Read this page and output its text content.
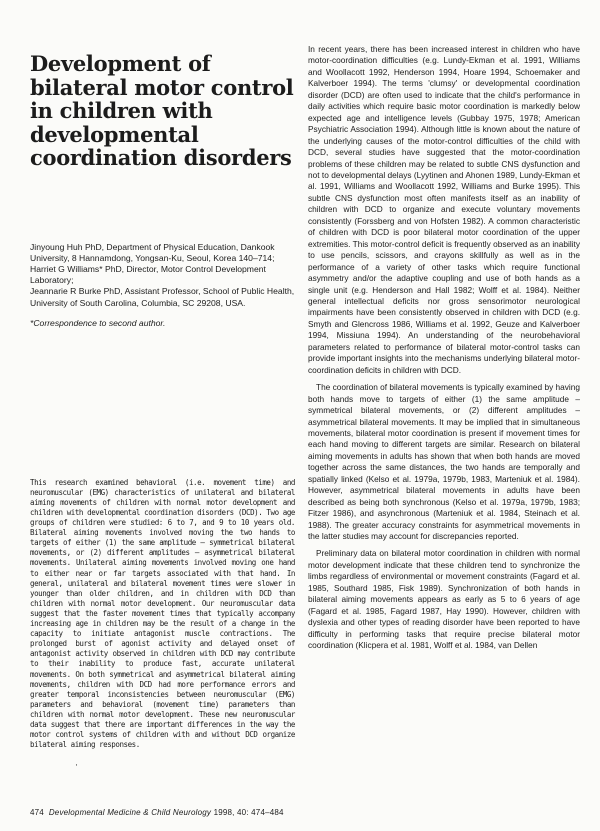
Development of
bilateral motor control
in children with
developmental
coordination disorders

Jinyoung Huh PhD, Department of Physical Education, Dankook University, 8 Hannamdong, Yongsan-Ku, Seoul, Korea 140–714;

Harriet G Williams* PhD, Director, Motor Control Development Laboratory;

Jeannarie R Burke PhD, Assistant Professor, School of Public Health, University of South Carolina, Columbia, SC 29208, USA.

*Correspondence to second author.

This research examined behavioral (i.e. movement time) and neuromuscular (EMG) characteristics of unilateral and bilateral aiming movements of children with normal motor development and children with developmental coordination disorders (DCD). Two age groups of children were studied: 6 to 7, and 9 to 10 years old. Bilateral aiming movements involved moving the two hands to targets of either (1) the same amplitude – symmetrical bilateral movements, or (2) different amplitudes – asymmetrical bilateral movements. Unilateral aiming movements involved moving one hand to either near or far targets associated with that hand. In general, unilateral and bilateral movement times were slower in younger than older children, and in children with DCD than children with normal motor development. Our neuromuscular data suggest that the faster movement times that typically accompany increasing age in children may be the result of a change in the capacity to initiate antagonist muscle contractions. The prolonged burst of agonist activity and delayed onset of antagonist activity observed in children with DCD may contribute to their inability to produce fast, accurate unilateral movements. On both symmetrical and asymmetrical bilateral aiming movements, children with DCD had more performance errors and greater temporal inconsistencies between neuromuscular (EMG) parameters and behavioral (movement time) parameters than children with normal motor development. These new neuromuscular data suggest that there are important differences in the way the motor control systems of children with and without DCD organize bilateral aiming responses.

In recent years, there has been increased interest in children who have motor-coordination difficulties (e.g. Lundy-Ekman et al. 1991, Williams and Woollacott 1992, Henderson 1994, Hoare 1994, Schoemaker and Kalverboer 1994). The terms 'clumsy' or developmental coordination disorder (DCD) are often used to indicate that the child's performance in daily activities which require basic motor coordination is markedly below expected age and intelligence levels (Gubbay 1975, 1978; American Psychiatric Association 1994). Although little is known about the nature of the underlying causes of the motor-control difficulties of the child with DCD, several studies have suggested that the motor-coordination problems of these children may be related to subtle CNS dysfunction and not to developmental delays (Lyytinen and Ahonen 1989, Lundy-Ekman et al. 1991, Williams and Woollacott 1992, Williams and Burke 1995). This subtle CNS dysfunction most often manifests itself as an inability of children with DCD to organize and execute voluntary movements consistently (Forssberg and von Hofsten 1982). A common characteristic of children with DCD is poor bilateral motor coordination of the upper extremities. This motor-control deficit is frequently observed as an inability to use pencils, scissors, and crayons skillfully as well as in the performance of a variety of other tasks which require functional asymmetry and/or the adaptive coupling and use of both hands as a single unit (e.g. Henderson and Hall 1982; Wolff et al. 1984). Neither general intellectual deficits nor gross sensorimotor neurological impairments have been consistently observed in children with DCD (e.g. Smyth and Glencross 1986, Williams et al. 1992, Geuze and Kalverboer 1994, Missiuna 1994). An understanding of the neurobehavioral parameters related to performance of bilateral motor-control tasks can provide important insights into the mechanisms underlying bilateral motor-coordination deficits in children with DCD.

The coordination of bilateral movements is typically examined by having both hands move to targets of either (1) the same amplitude – symmetrical bilateral movements, or (2) different amplitudes – asymmetrical bilateral movements. It may be implied that in simultaneous movements, bilateral motor coordination is present if movement times for each hand moving to different targets are similar. Research on bilateral aiming movements in adults has shown that when both hands are moved together across the same distances, the two hands are temporally and spatially linked (Kelso et al. 1979a, 1979b, 1983, Marteniuk et al. 1984). However, asymmetrical bilateral movements in adults have been described as being both synchronous (Kelso et al. 1979a, 1979b, 1983; Fitzer 1986), and asynchronous (Marteniuk et al. 1984, Steinach et al. 1988). The greater accuracy constraints for asymmetrical movements in the latter studies may account for discrepancies reported.

Preliminary data on bilateral motor coordination in children with normal motor development indicate that these children tend to synchronize the limbs regardless of environmental or movement constraints (Fagard et al. 1985, Southard 1985, Fisk 1989). Synchronization of both hands in bilateral aiming movements appears as early as 5 to 6 years of age (Fagard et al. 1985, Fagard 1987, Hay 1990). However, children with dyslexia and other types of reading disorder have been reported to have difficulty in performing tasks that require precise bilateral motor coordination (Klicpera et al. 1981, Wolff et al. 1984, van Dellen

·
474 Developmental Medicine & Child Neurology 1998, 40: 474–484
